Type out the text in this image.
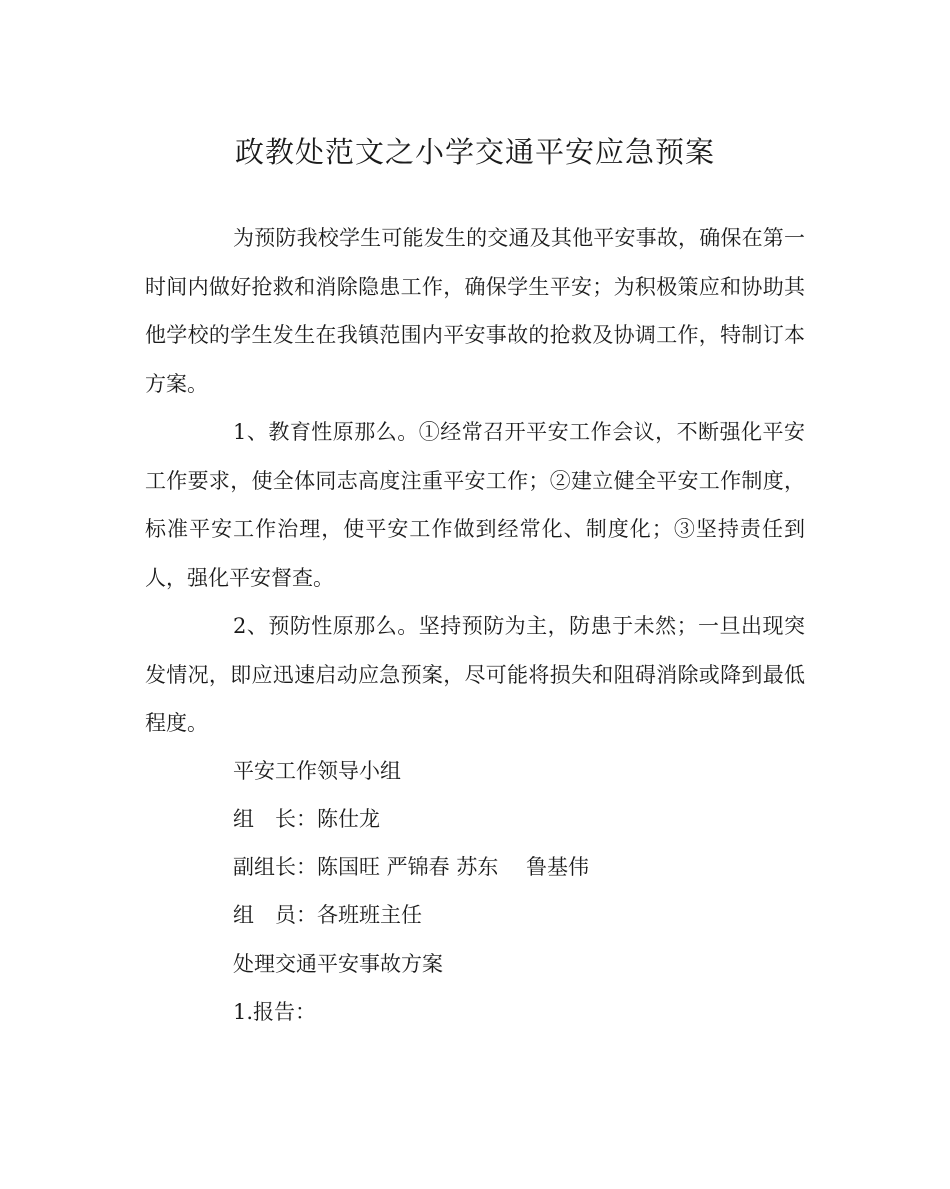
政教处范文之小学交通平安应急预案

为预防我校学生可能发生的交通及其他平安事故，确保在第一时间内做好抢救和消除隐患工作，确保学生平安；为积极策应和协助其他学校的学生发生在我镇范围内平安事故的抢救及协调工作，特制订本方案。

1、教育性原那么。①经常召开平安工作会议，不断强化平安工作要求，使全体同志高度注重平安工作；②建立健全平安工作制度，标准平安工作治理，使平安工作做到经常化、制度化；③坚持责任到人，强化平安督查。

2、预防性原那么。坚持预防为主，防患于未然；一旦出现突发情况，即应迅速启动应急预案，尽可能将损失和阻碍消除或降到最低程度。

平安工作领导小组
组　长：陈仕龙
副组长：陈国旺 严锦春 苏东　 鲁基伟
组　员：各班班主任
处理交通平安事故方案
1.报告：
